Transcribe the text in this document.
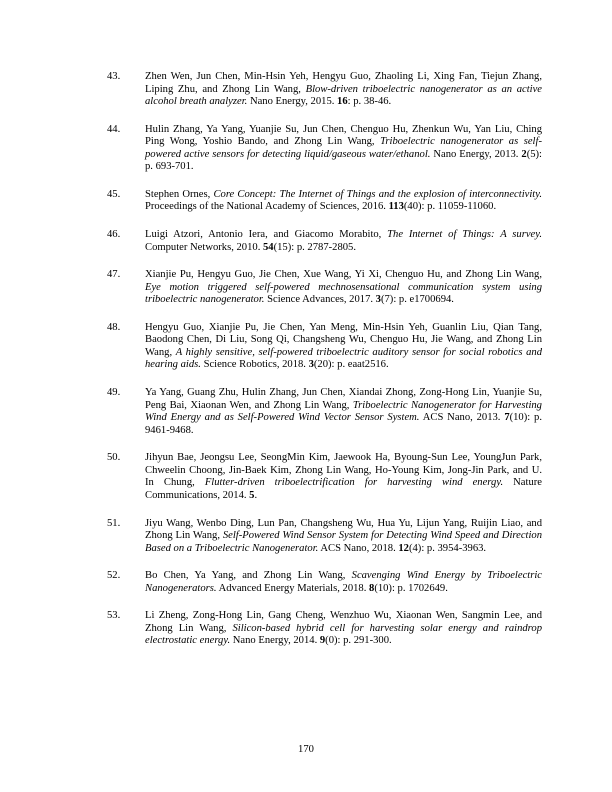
43.	Zhen Wen, Jun Chen, Min-Hsin Yeh, Hengyu Guo, Zhaoling Li, Xing Fan, Tiejun Zhang, Liping Zhu, and Zhong Lin Wang, Blow-driven triboelectric nanogenerator as an active alcohol breath analyzer. Nano Energy, 2015. 16: p. 38-46.
44.	Hulin Zhang, Ya Yang, Yuanjie Su, Jun Chen, Chenguo Hu, Zhenkun Wu, Yan Liu, Ching Ping Wong, Yoshio Bando, and Zhong Lin Wang, Triboelectric nanogenerator as self-powered active sensors for detecting liquid/gaseous water/ethanol. Nano Energy, 2013. 2(5): p. 693-701.
45.	Stephen Ornes, Core Concept: The Internet of Things and the explosion of interconnectivity. Proceedings of the National Academy of Sciences, 2016. 113(40): p. 11059-11060.
46.	Luigi Atzori, Antonio Iera, and Giacomo Morabito, The Internet of Things: A survey. Computer Networks, 2010. 54(15): p. 2787-2805.
47.	Xianjie Pu, Hengyu Guo, Jie Chen, Xue Wang, Yi Xi, Chenguo Hu, and Zhong Lin Wang, Eye motion triggered self-powered mechnosensational communication system using triboelectric nanogenerator. Science Advances, 2017. 3(7): p. e1700694.
48.	Hengyu Guo, Xianjie Pu, Jie Chen, Yan Meng, Min-Hsin Yeh, Guanlin Liu, Qian Tang, Baodong Chen, Di Liu, Song Qi, Changsheng Wu, Chenguo Hu, Jie Wang, and Zhong Lin Wang, A highly sensitive, self-powered triboelectric auditory sensor for social robotics and hearing aids. Science Robotics, 2018. 3(20): p. eaat2516.
49.	Ya Yang, Guang Zhu, Hulin Zhang, Jun Chen, Xiandai Zhong, Zong-Hong Lin, Yuanjie Su, Peng Bai, Xiaonan Wen, and Zhong Lin Wang, Triboelectric Nanogenerator for Harvesting Wind Energy and as Self-Powered Wind Vector Sensor System. ACS Nano, 2013. 7(10): p. 9461-9468.
50.	Jihyun Bae, Jeongsu Lee, SeongMin Kim, Jaewook Ha, Byoung-Sun Lee, YoungJun Park, Chweelin Choong, Jin-Baek Kim, Zhong Lin Wang, Ho-Young Kim, Jong-Jin Park, and U. In Chung, Flutter-driven triboelectrification for harvesting wind energy. Nature Communications, 2014. 5.
51.	Jiyu Wang, Wenbo Ding, Lun Pan, Changsheng Wu, Hua Yu, Lijun Yang, Ruijin Liao, and Zhong Lin Wang, Self-Powered Wind Sensor System for Detecting Wind Speed and Direction Based on a Triboelectric Nanogenerator. ACS Nano, 2018. 12(4): p. 3954-3963.
52.	Bo Chen, Ya Yang, and Zhong Lin Wang, Scavenging Wind Energy by Triboelectric Nanogenerators. Advanced Energy Materials, 2018. 8(10): p. 1702649.
53.	Li Zheng, Zong-Hong Lin, Gang Cheng, Wenzhuo Wu, Xiaonan Wen, Sangmin Lee, and Zhong Lin Wang, Silicon-based hybrid cell for harvesting solar energy and raindrop electrostatic energy. Nano Energy, 2014. 9(0): p. 291-300.
170
